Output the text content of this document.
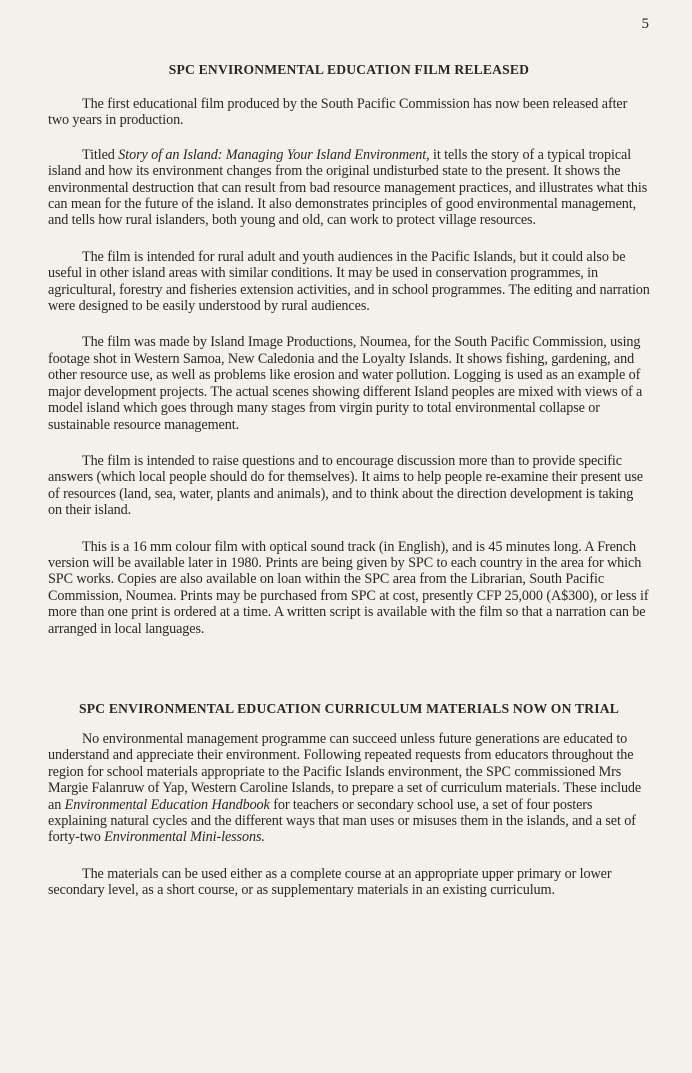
5
SPC ENVIRONMENTAL EDUCATION FILM RELEASED

The first educational film produced by the South Pacific Commission has now been released after two years in production.

Titled Story of an Island: Managing Your Island Environment, it tells the story of a typical tropical island and how its environment changes from the original undisturbed state to the present. It shows the environmental destruction that can result from bad resource management practices, and illustrates what this can mean for the future of the island. It also demonstrates principles of good environmental management, and tells how rural islanders, both young and old, can work to protect village resources.

The film is intended for rural adult and youth audiences in the Pacific Islands, but it could also be useful in other island areas with similar conditions. It may be used in conservation programmes, in agricultural, forestry and fisheries extension activities, and in school programmes. The editing and narration were designed to be easily understood by rural audiences.

The film was made by Island Image Productions, Noumea, for the South Pacific Commission, using footage shot in Western Samoa, New Caledonia and the Loyalty Islands. It shows fishing, gardening, and other resource use, as well as problems like erosion and water pollution. Logging is used as an example of major development projects. The actual scenes showing different Island peoples are mixed with views of a model island which goes through many stages from virgin purity to total environmental collapse or sustainable resource management.

The film is intended to raise questions and to encourage discussion more than to provide specific answers (which local people should do for themselves). It aims to help people re-examine their present use of resources (land, sea, water, plants and animals), and to think about the direction development is taking on their island.

This is a 16 mm colour film with optical sound track (in English), and is 45 minutes long. A French version will be available later in 1980. Prints are being given by SPC to each country in the area for which SPC works. Copies are also available on loan within the SPC area from the Librarian, South Pacific Commission, Noumea. Prints may be purchased from SPC at cost, presently CFP 25,000 (A$300), or less if more than one print is ordered at a time. A written script is available with the film so that a narration can be arranged in local languages.

SPC ENVIRONMENTAL EDUCATION CURRICULUM MATERIALS NOW ON TRIAL

No environmental management programme can succeed unless future generations are educated to understand and appreciate their environment. Following repeated requests from educators throughout the region for school materials appropriate to the Pacific Islands environment, the SPC commissioned Mrs Margie Falanruw of Yap, Western Caroline Islands, to prepare a set of curriculum materials. These include an Environmental Education Handbook for teachers or secondary school use, a set of four posters explaining natural cycles and the different ways that man uses or misuses them in the islands, and a set of forty-two Environmental Mini-lessons.

The materials can be used either as a complete course at an appropriate upper primary or lower secondary level, as a short course, or as supplementary materials in an existing curriculum.
